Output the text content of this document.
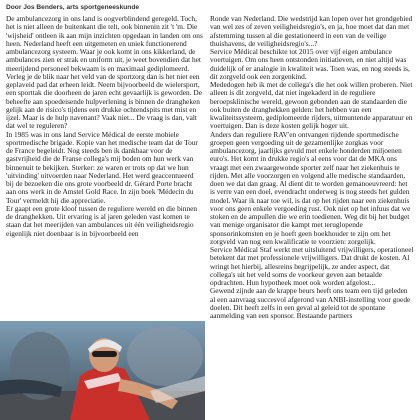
Door Jos Benders, arts sportgeneeskunde

De ambulancezorg in ons land is oogverblindend geregeld. Toch, het is niet alleen de buitenkant die telt, ook binnenin zit 't 'm. Die 'wijsheid' ontleen ik aan mijn inzichten opgedaan in landen om ons heen. Nederland heeft een uitgemeten en uniek functionerend ambulancezorg systeem. Waar je ook komt in ons kikkerland, de ambulances zien er strak en uniform uit, je weet bovendien dat het meerijdend personeel bekwaam is en maximaal gediplomeerd.

Verleg je de blik naar het veld van de sportzorg dan is het niet een geplaveid pad dat erheen leidt. Neem bijvoorbeeld de wielersport, een sporttak die doorheen de jaren echt gevaarlijk is geworden. De beheefte aan spoedeisende hulpverlening is binnen de drangheken gelijk aan de risico's tijdens een drukke ochtendspits met mist en ijzel. Maar is de hulp navenant? Vaak niet... De vraag is dan, valt dat wel te reguleren?

In 1985 was in ons land Service Médical de eerste mobiele sportmedische brigade. Kopie van het medische team dat de Tour de France begeleidt. Nog steeds ben ik dankbaar voor de gastvrijheid die de Franse collega's mij boden om hun werk van binnenuit te bekijken. Sterker: ze waren er trots op dat we hun 'uitvinding' uitvoerden naar Nederland. Het werd geaccentueerd bij de bezoeken die ons grote voorbeeld dr. Gérard Porte bracht aan ons werk in de Amstel Gold Race. In zijn boek 'Médecin du Tour' vermeldt hij die appreciatie.

Er gaapt een grote kloof tussen de reguliere wereld en die binnen de dranghekken. Uit ervaring is al jaren geleden vast komen te staan dat het meerijden van ambulances uit één veiligheidsregio eigenlijk niet doenbaar is in bijvoorbeeld een

Ronde van Nederland. Die wedstrijd kan lopen over het grondgebied van wel zes of zeven veiligheidsregio's, en ja, hoe moet dat dan met afstemming tussen al die gestationeerd in een van de veilige thuishavens, de veiligheidsregio's...?

Service Médical beschikte tot 2015 over vijf eigen ambulance voertuigen. Om ons heen ontstonden initiatieven, en niet altijd was duidelijk of er analogie in kwaliteit was. Toen was, en nog steeds is, dit zorgveld ook een zorgenkind.

Mededogen heb ik met de collega's die het ook willen proberen. Niet alleen is dit zorgveld, dat niet ingekaderd in de reguliere beroepsklinische wereld, gewoon gebonden aan de standaarden die ook buiten de dranghekken gelden: het hebben van een kwaliteitssysteem, gediplomeerde rijders, uitmuntende apparatuur en voertuigen. Dan is deze kosten gelijk hoger uit.

Anders dan reguliere RAV'en ontvangen rijdende sportmedische groepen geen vergoeding uit de gezamenlijke zorgkas voor ambulancezorg, jaarlijks gevuld met enkele honderden miljoenen euro's. Het komt in drukke regio's al eens voor dat de MKA ons vraagt met een zwaargewonde sporter zelf naar het ziekenhuis te rijden. Met alle voorzorgen en volgend alle medische standaarden, doen we dat dan graag. Al dient dit te worden gemanoeuvreerd: het is verre van een doel, evendracht onderweg is nog steeds het gulden model. Waar ik naar toe wil, is dat op het rijden naar een ziekenhuis voor ons geen enkele vergoeding rust. Ook niet op het infuus dat we stoken en de ampullen die we erin toedienen. Weg dit bij het budget van menige organisator die kampt met teruglopende sponsorinkomsten en je hoeft geen boekhouder te zijn om het zorgveld van nog een kwalificatie te voorzien: zorgelijk.

Service Médical Staf werkt met uitsluitend vrijwilligers, operationeel betekent dat met professionele vrijwilligers. Dat drukt de kosten. Al wringt het hierbij, allesreins begrijpelijk, ze ander aspect, dat collega's uit het veld soms de voorkeur geven aan betaalde opdrachten. Hun hypotheek moet ook worden afgelost...

Gewend zijnde aan de krappe beurs heeft ons team een tijd geleden al een aanvraag succesvol afgerond van ANBI-instelling voor goede doelen. Dit heeft zelfs in een geval al geleid tot de spontane aanmelding van een sponsor. Bestaande partners
